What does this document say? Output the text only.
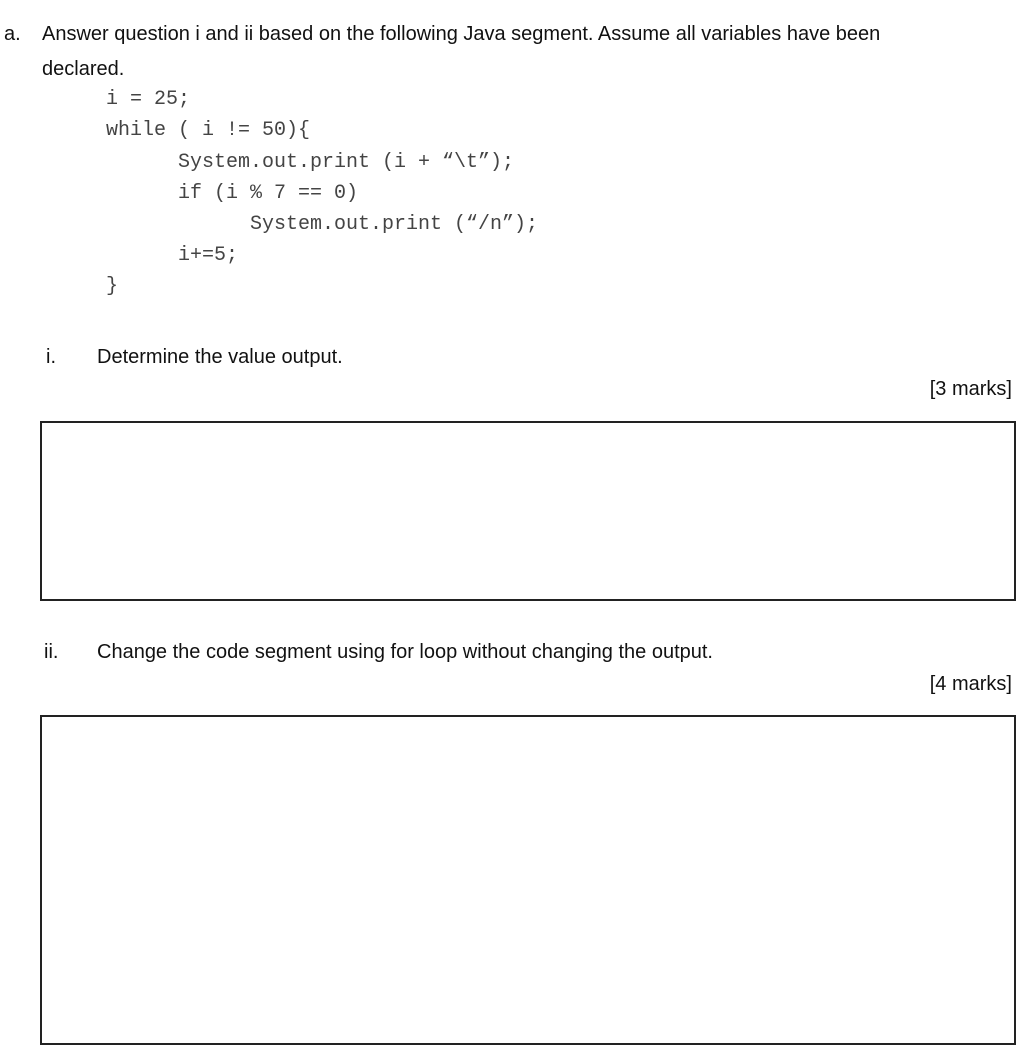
a. Answer question i and ii based on the following Java segment. Assume all variables have been
declared.
i = 25;
while ( i != 50){
System.out.print (i + “\t”);
if (i % 7 == 0)
System.out.print (“/n”);
i+=5;
}
i. Determine the value output.
[3 marks]
ii. Change the code segment using for loop without changing the output.
[4 marks]
